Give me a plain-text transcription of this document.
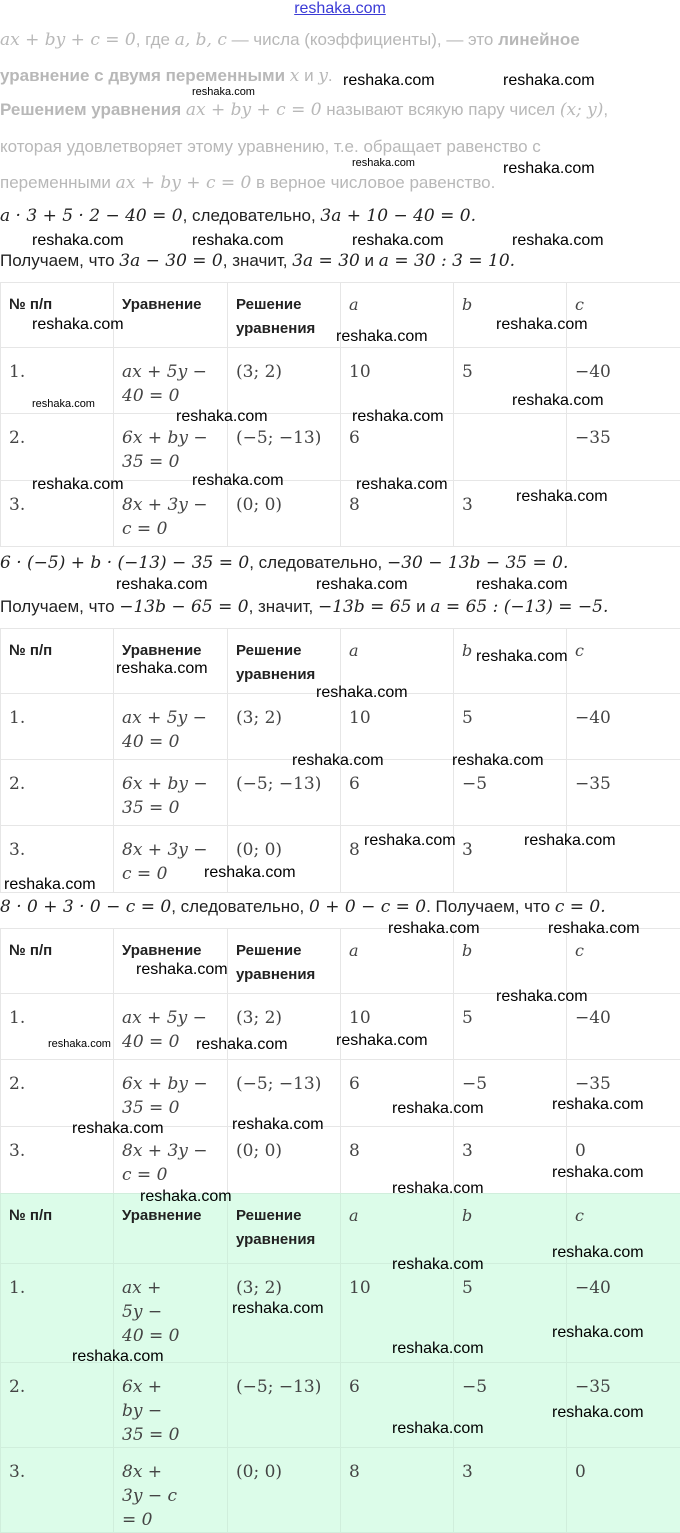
reshaka.com
ax + by + c = 0, где a, b, c — числа (коэффициенты), — это линейное
уравнение с двумя переменными x и y.
Решением уравнения ax + by + c = 0 называют всякую пару чисел (x; y),
которая удовлетворяет этому уравнению, т.е. обращает равенство с
переменными ax + by + c = 0 в верное числовое равенство.
a · 3 + 5 · 2 − 40 = 0, следовательно, 3a + 10 − 40 = 0.
Получаем, что 3a − 30 = 0, значит, 3a = 30 и a = 30 : 3 = 10.
6 · (−5) + b · (−13) − 35 = 0, следовательно, −30 − 13b − 35 = 0.
Получаем, что −13b − 65 = 0, значит, −13b = 65 и a = 65 : (−13) = −5.
8 · 0 + 3 · 0 − c = 0, следовательно, 0 + 0 − c = 0. Получаем, что c = 0.
№ п/п	Уравнение	Решение уравнения	a	b	c
1.	ax + 5y − 40 = 0	(3; 2)	10	5	−40
2.	6x + by − 35 = 0	(−5; −13)	6		−35
3.	8x + 3y − c = 0	(0; 0)	8	3	
№ п/п	Уравнение	Решение уравнения	a	b	c
1.	ax + 5y − 40 = 0	(3; 2)	10	5	−40
2.	6x + by − 35 = 0	(−5; −13)	6	−5	−35
3.	8x + 3y − c = 0	(0; 0)	8	3	
№ п/п	Уравнение	Решение уравнения	a	b	c
1.	ax + 5y − 40 = 0	(3; 2)	10	5	−40
2.	6x + by − 35 = 0	(−5; −13)	6	−5	−35
3.	8x + 3y − c = 0	(0; 0)	8	3	0
№ п/п	Уравнение	Решение уравнения	a	b	c
1.	ax + 5y − 40 = 0	(3; 2)	10	5	−40
2.	6x + by − 35 = 0	(−5; −13)	6	−5	−35
3.	8x + 3y − c = 0	(0; 0)	8	3	0
reshaka.com	reshaka.com
reshaka.com
reshaka.com	reshaka.com
reshaka.com	reshaka.com	reshaka.com	reshaka.com
reshaka.com	reshaka.com
reshaka.com
reshaka.com
reshaka.com	reshaka.com
reshaka.com
reshaka.com	reshaka.com	reshaka.com
reshaka.com
reshaka.com	reshaka.com
reshaka.com
reshaka.com
reshaka.com
reshaka.com
reshaka.com	reshaka.com
reshaka.com	reshaka.com
reshaka.com
reshaka.com
reshaka.com	reshaka.com
reshaka.com
reshaka.com
reshaka.com
reshaka.com	reshaka.com
reshaka.com
reshaka.com
reshaka.com	reshaka.com
reshaka.com
reshaka.com
reshaka.com
reshaka.com
reshaka.com
reshaka.com
reshaka.com
reshaka.com	reshaka.com
reshaka.com
reshaka.com
